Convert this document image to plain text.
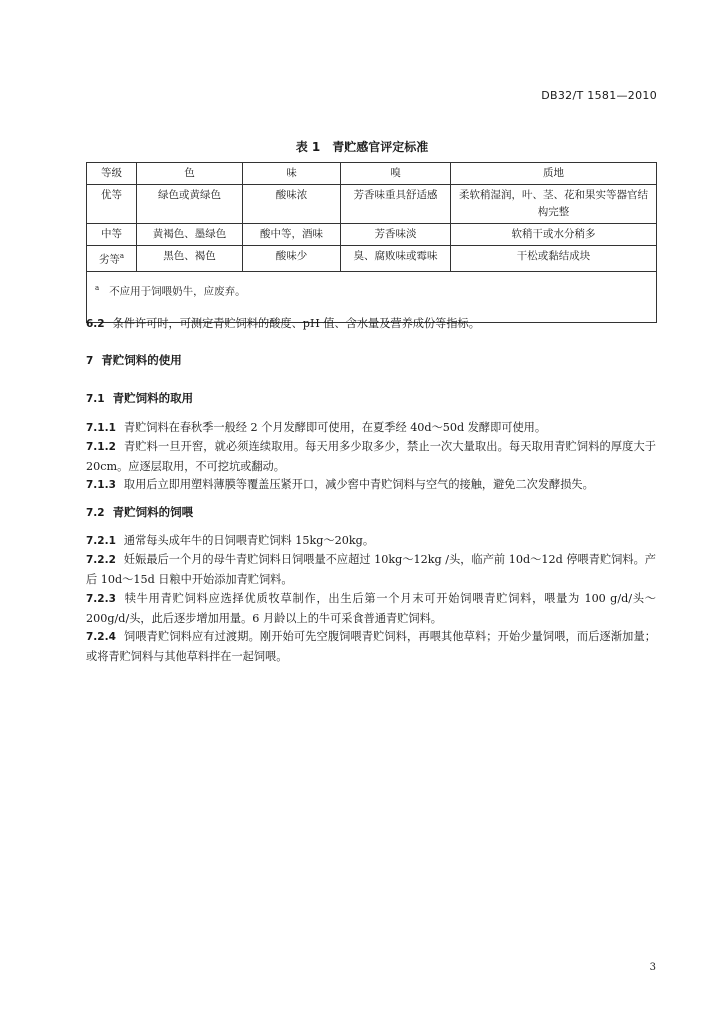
DB32/T 1581—2010
表 1　青贮感官评定标准
等级	色	味	嗅	质地
优等	绿色或黄绿色	酸味浓	芳香味重具舒适感	柔软稍湿润，叶、茎、花和果实等器官结构完整
中等	黄褐色、墨绿色	酸中等，酒味	芳香味淡	软稍干或水分稍多
劣等$^a$	黑色、褐色	酸味少	臭、腐败味或霉味	干松或黏结成块
$^a$ 不应用于饲喂奶牛，应废弃。				
6.2 条件许可时，可测定青贮饲料的酸度、pH 值、含水量及营养成份等指标。
7 青贮饲料的使用
7.1 青贮饲料的取用
7.1.1 青贮饲料在春秋季一般经 2 个月发酵即可使用，在夏季经 40d～50d 发酵即可使用。
7.1.2 青贮料一旦开窖，就必须连续取用。每天用多少取多少，禁止一次大量取出。每天取用青贮饲料的厚度大于 20cm。应逐层取用，不可挖坑或翻动。
7.1.3 取用后立即用塑料薄膜等覆盖压紧开口，减少窖中青贮饲料与空气的接触，避免二次发酵损失。
7.2 青贮饲料的饲喂
7.2.1 通常每头成年牛的日饲喂青贮饲料 15kg～20kg。
7.2.2 妊娠最后一个月的母牛青贮饲料日饲喂量不应超过 10kg～12kg /头，临产前 10d～12d 停喂青贮饲料。产后 10d～15d 日粮中开始添加青贮饲料。
7.2.3 犊牛用青贮饲料应选择优质牧草制作，出生后第一个月末可开始饲喂青贮饲料，喂量为 100 g/d/头～200g/d/头，此后逐步增加用量。6 月龄以上的牛可采食普通青贮饲料。
7.2.4 饲喂青贮饲料应有过渡期。刚开始可先空腹饲喂青贮饲料，再喂其他草料；开始少量饲喂，而后逐渐加量；或将青贮饲料与其他草料拌在一起饲喂。
3
